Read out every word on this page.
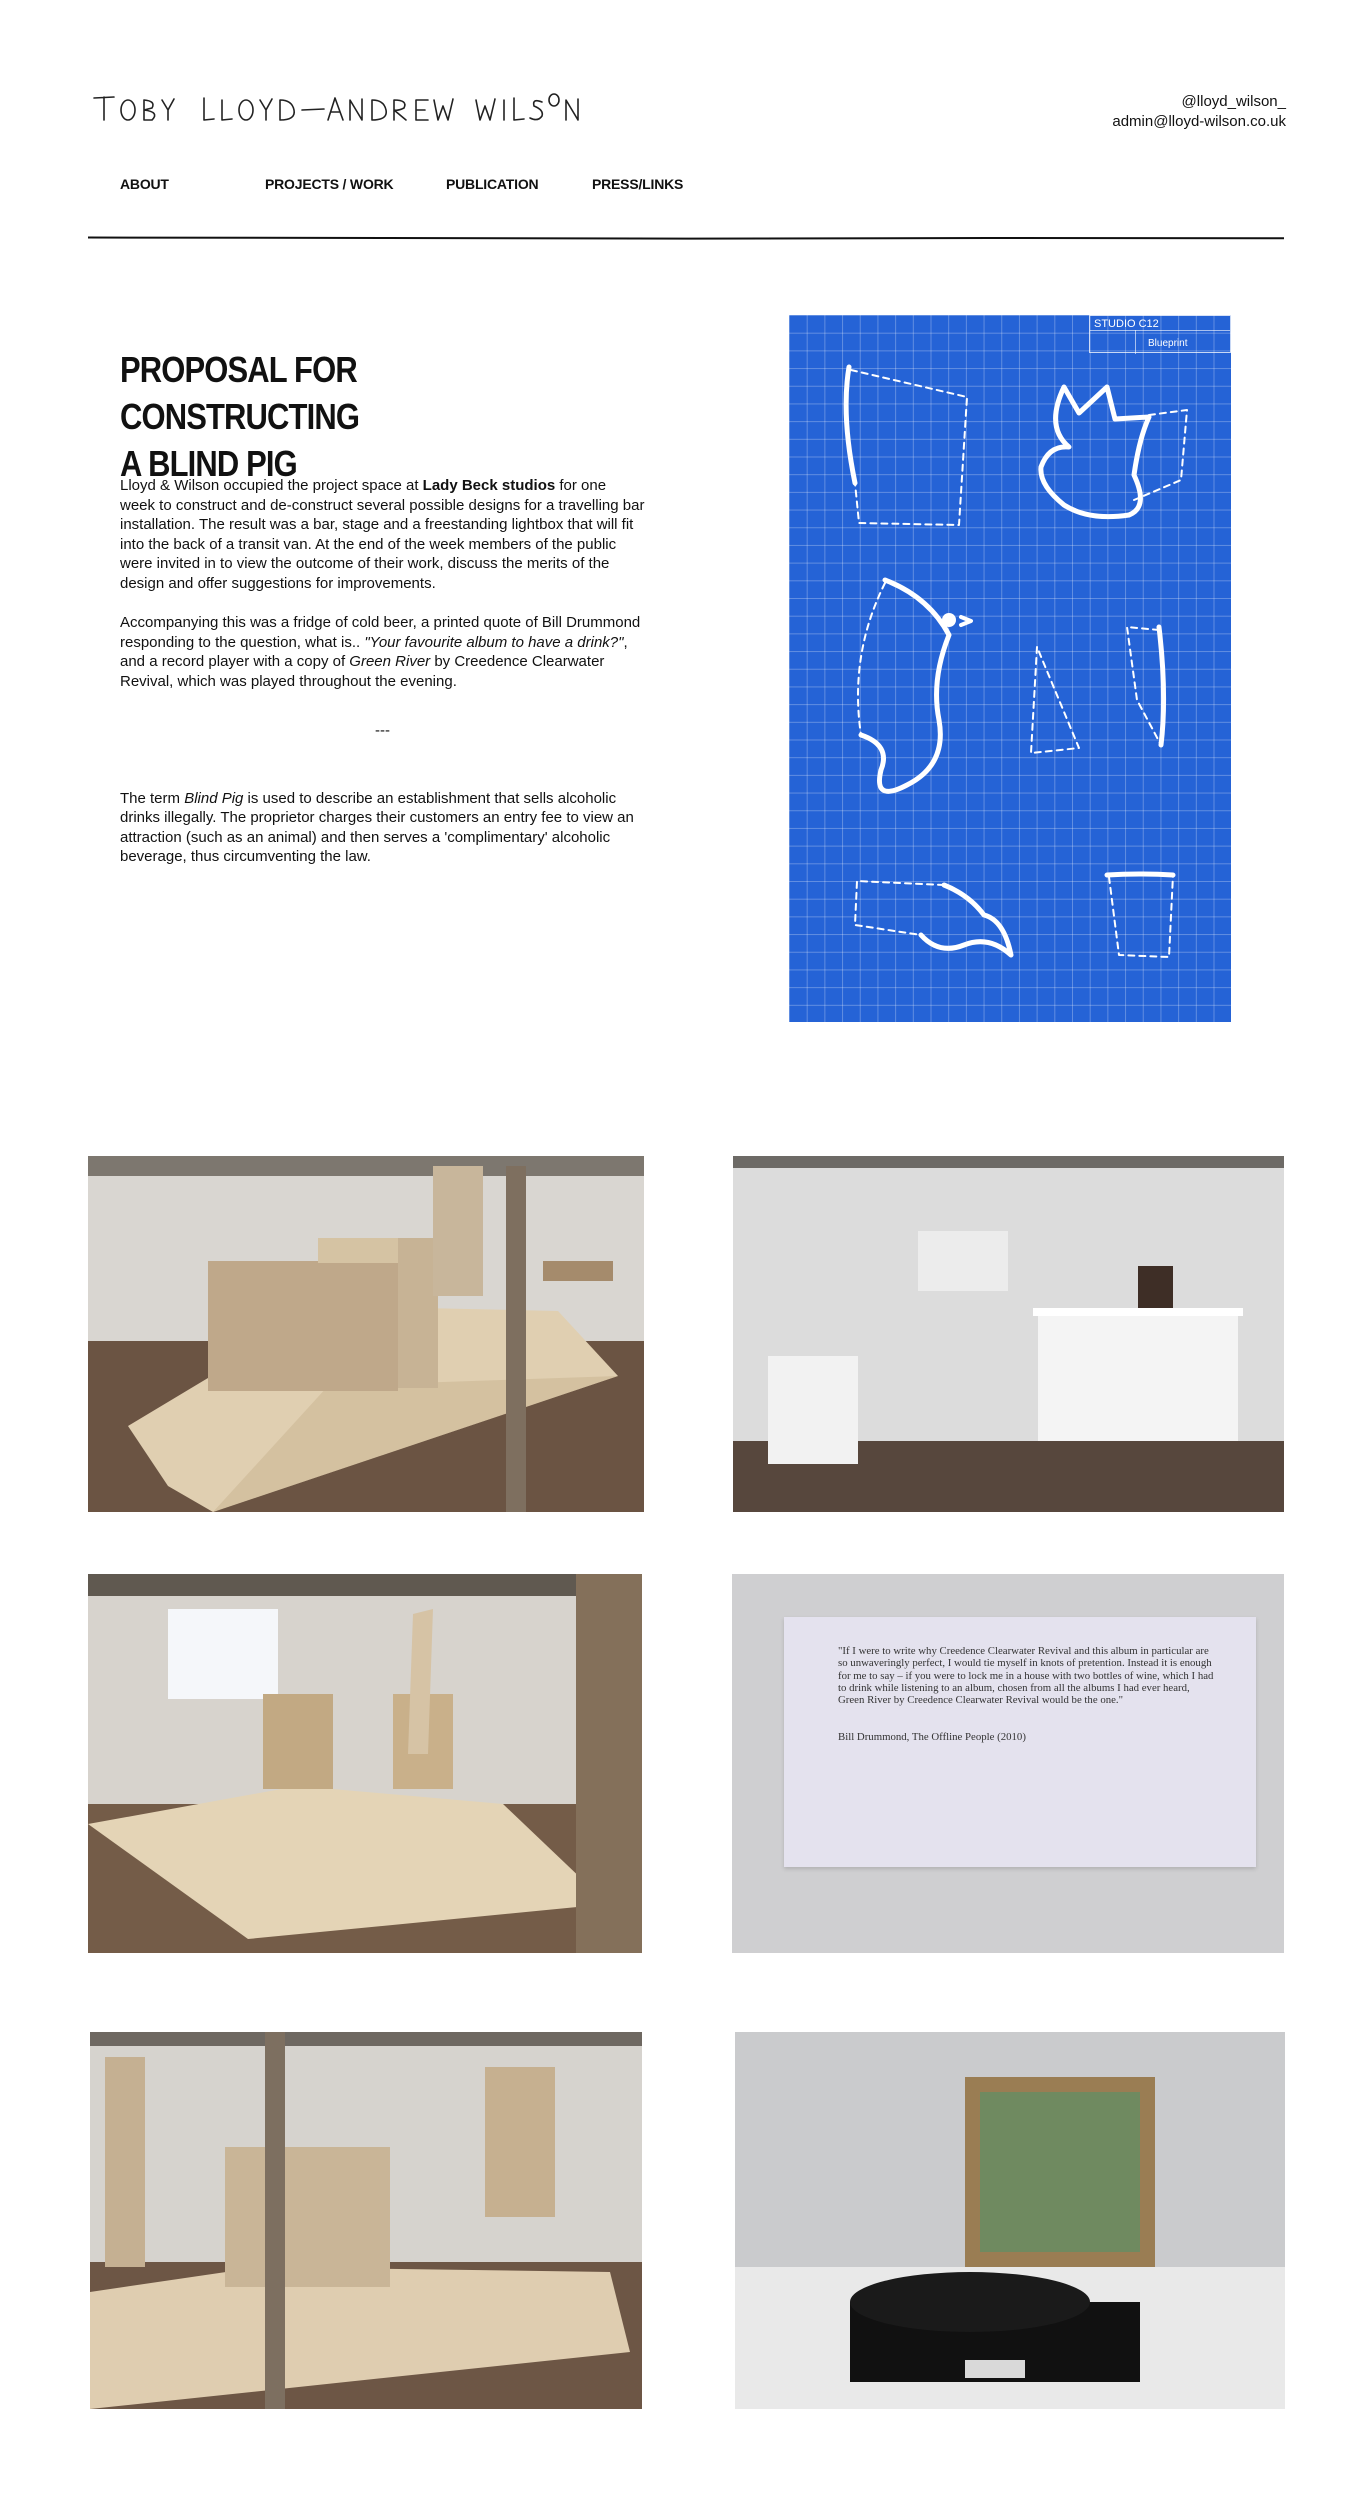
TOBY LLOYD — ANDREW WILSON
@lloyd_wilson_
admin@lloyd-wilson.co.uk
ABOUT	PROJECTS / WORK	PUBLICATION	PRESS/LINKS
PROPOSAL FOR CONSTRUCTING
A BLIND PIG

Lloyd & Wilson occupied the project space at Lady Beck studios for one week to construct and de-construct several possible designs for a travelling bar installation. The result was a bar, stage and a freestanding lightbox that will fit into the back of a transit van. At the end of the week members of the public were invited in to view the outcome of their work, discuss the merits of the design and offer suggestions for improvements.

Accompanying this was a fridge of cold beer, a printed quote of Bill Drummond responding to the question, what is.. "Your favourite album to have a drink?", and a record player with a copy of Green River by Creedence Clearwater Revival, which was played throughout the evening.

---

The term Blind Pig is used to describe an establishment that sells alcoholic drinks illegally. The proprietor charges their customers an entry fee to view an attraction (such as an animal) and then serves a 'complimentary' alcoholic beverage, thus circumventing the law.

STUDIO C12
Blueprint
"If I were to write why Creedence Clearwater Revival and this album in particular are so unwaveringly perfect, I would tie myself in knots of pretention. Instead it is enough for me to say – if you were to lock me in a house with two bottles of wine, which I had to drink while listening to an album, chosen from all the albums I had ever heard, Green River by Creedence Clearwater Revival would be the one."
Bill Drummond, The Offline People (2010)
